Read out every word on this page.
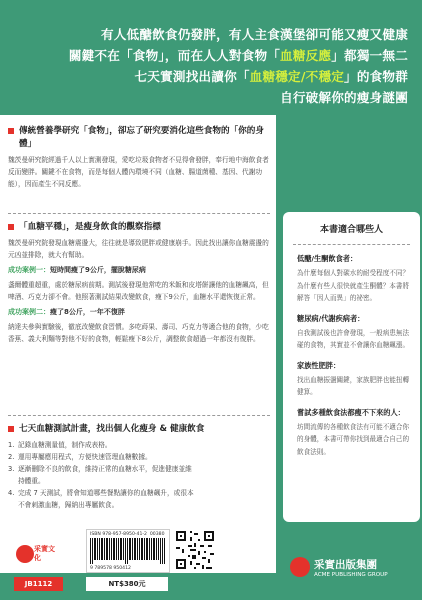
有人低醣飲食仍發胖，有人主食漢堡卻可能又瘦又健康
關鍵不在「食物」，而在人人對食物「血糖反應」都獨一無二
七天實測找出讀你「血糖穩定/不穩定」的食物群
自行破解你的瘦身謎團
傳統營養學研究「食物」，卻忘了研究要消化這些食物的「你的身體」
魏茨曼研究院經過千人以上實測發現，愛吃垃圾食物者不見得會發胖，奉行地中海飲食者反而變胖。關鍵不在食物，而是每個人體內環境不同（血糖、腸道菌種、基因、代謝功能），因而產生不同反應。
「血糖平穩」，是瘦身飲食的觀察指標
魏茨曼研究院發現血糖震盪大，往往就是導致肥胖或健康崩手。因此找出讓你血糖震盪的元凶並排除，就大有幫助。
成功案例一：短時間瘦了9公斤，擺脫糖尿病
盞爾體重超重，處於糖尿病前期。測試後發現他常吃的米飯和皮塔餅讓他的血糖飆高，但啤酒、巧克力卻不會。他照著測試結果改變飲食，瘦下9公斤，血糖水平還恢復正常。
成功案例二：瘦了8公斤，一年不復胖
納達夫參與實驗後，徹底改變飲食習慣。多吃蒔果、壽司、巧克力等適合他的食物，少吃香蕉、義大利麵等對他不好的食物，輕鬆瘦下8公斤，調整飲食超過一年都沒有復胖。
七天血糖測試計畫，找出個人化瘦身 & 健康飲食
1. 記錄血糖測量值，制作成表格。
2. 運用專屬應用程式，方便快速管理血糖數據。
3. 逐漸刪除不良的飲食，維持正常的血糖水平，促進健康並維
持體重。
4. 完成 7 天測試，將會知道哪些餐點讓你的血糖飆升，或很本
不會刺激血糖，歸納出專屬飲食。
本書適合哪些人
低醣/生酮飲食者：
為什麼每個人對碳水的耐受程度不同？為什麼有些人很快就產生酮體？本書將解答「因人而異」的祕密。
糖尿病/代謝疾病者：
自我測試後也許會發現，一般病患無法碰的食物，其實並不會讓你血糖飆漲。
家族性肥胖：
找出血糖振盪關鍵，家族肥胖也能扭轉健算。
嘗試多種飲食法都瘦不下來的人：
坊間流傳的各種飲食法有可能不適合你的身體，本書可帶你找到最適合自己的飲食法則。
采實文化
ISBN 978-957-8950-41-2 00380
9 789578 950412
JB1112	NT$380元
采實出版集團
ACME PUBLISHING GROUP
